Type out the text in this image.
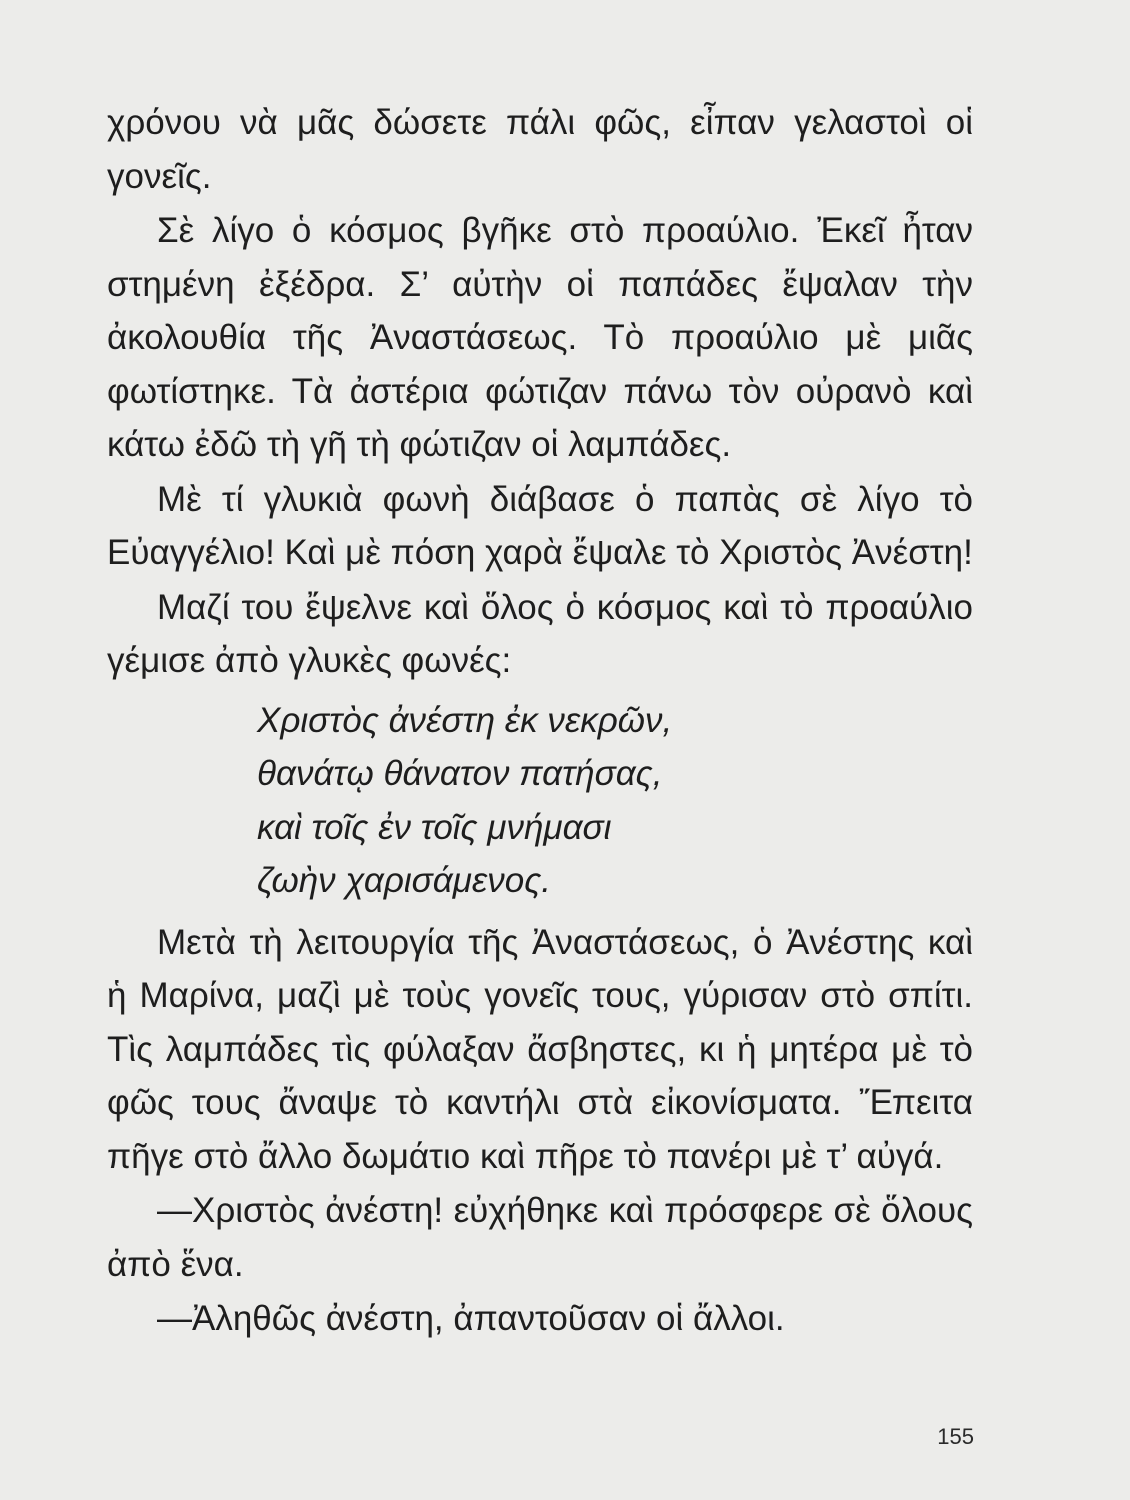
χρόνου νὰ μᾶς δώσετε πάλι φῶς, εἶπαν γελαστοὶ οἱ γονεῖς.

Σὲ λίγο ὁ κόσμος βγῆκε στὸ προαύλιο. Ἐκεῖ ἦταν στημένη ἐξέδρα. Σ’ αὐτὴν οἱ παπάδες ἔψαλαν τὴν ἀκολουθία τῆς Ἀναστάσεως. Τὸ προαύλιο μὲ μιᾶς φωτίστηκε. Τὰ ἀστέρια φώτιζαν πάνω τὸν οὐρανὸ καὶ κάτω ἐδῶ τὴ γῆ τὴ φώτιζαν οἱ λαμπάδες.

Μὲ τί γλυκιὰ φωνὴ διάβασε ὁ παπὰς σὲ λίγο τὸ Εὐαγγέλιο! Καὶ μὲ πόση χαρὰ ἔψαλε τὸ Χριστὸς Ἀνέστη!

Μαζί του ἔψελνε καὶ ὅλος ὁ κόσμος καὶ τὸ προαύλιο γέμισε ἀπὸ γλυκὲς φωνές:

Χριστὸς ἀνέστη ἐκ νεκρῶν,
θανάτῳ θάνατον πατήσας,
καὶ τοῖς ἐν τοῖς μνήμασι
ζωὴν χαρισάμενος.

Μετὰ τὴ λειτουργία τῆς Ἀναστάσεως, ὁ Ἀνέστης καὶ ἡ Μαρίνα, μαζὶ μὲ τοὺς γονεῖς τους, γύρισαν στὸ σπίτι. Τὶς λαμπάδες τὶς φύλαξαν ἄσβηστες, κι ἡ μητέρα μὲ τὸ φῶς τους ἄναψε τὸ καντήλι στὰ εἰκονίσματα. Ἔπειτα πῆγε στὸ ἄλλο δωμάτιο καὶ πῆρε τὸ πανέρι μὲ τ’ αὐγά.

—Χριστὸς ἀνέστη! εὐχήθηκε καὶ πρόσφερε σὲ ὅλους ἀπὸ ἕνα.

—Ἀληθῶς ἀνέστη, ἀπαντοῦσαν οἱ ἄλλοι.

155
